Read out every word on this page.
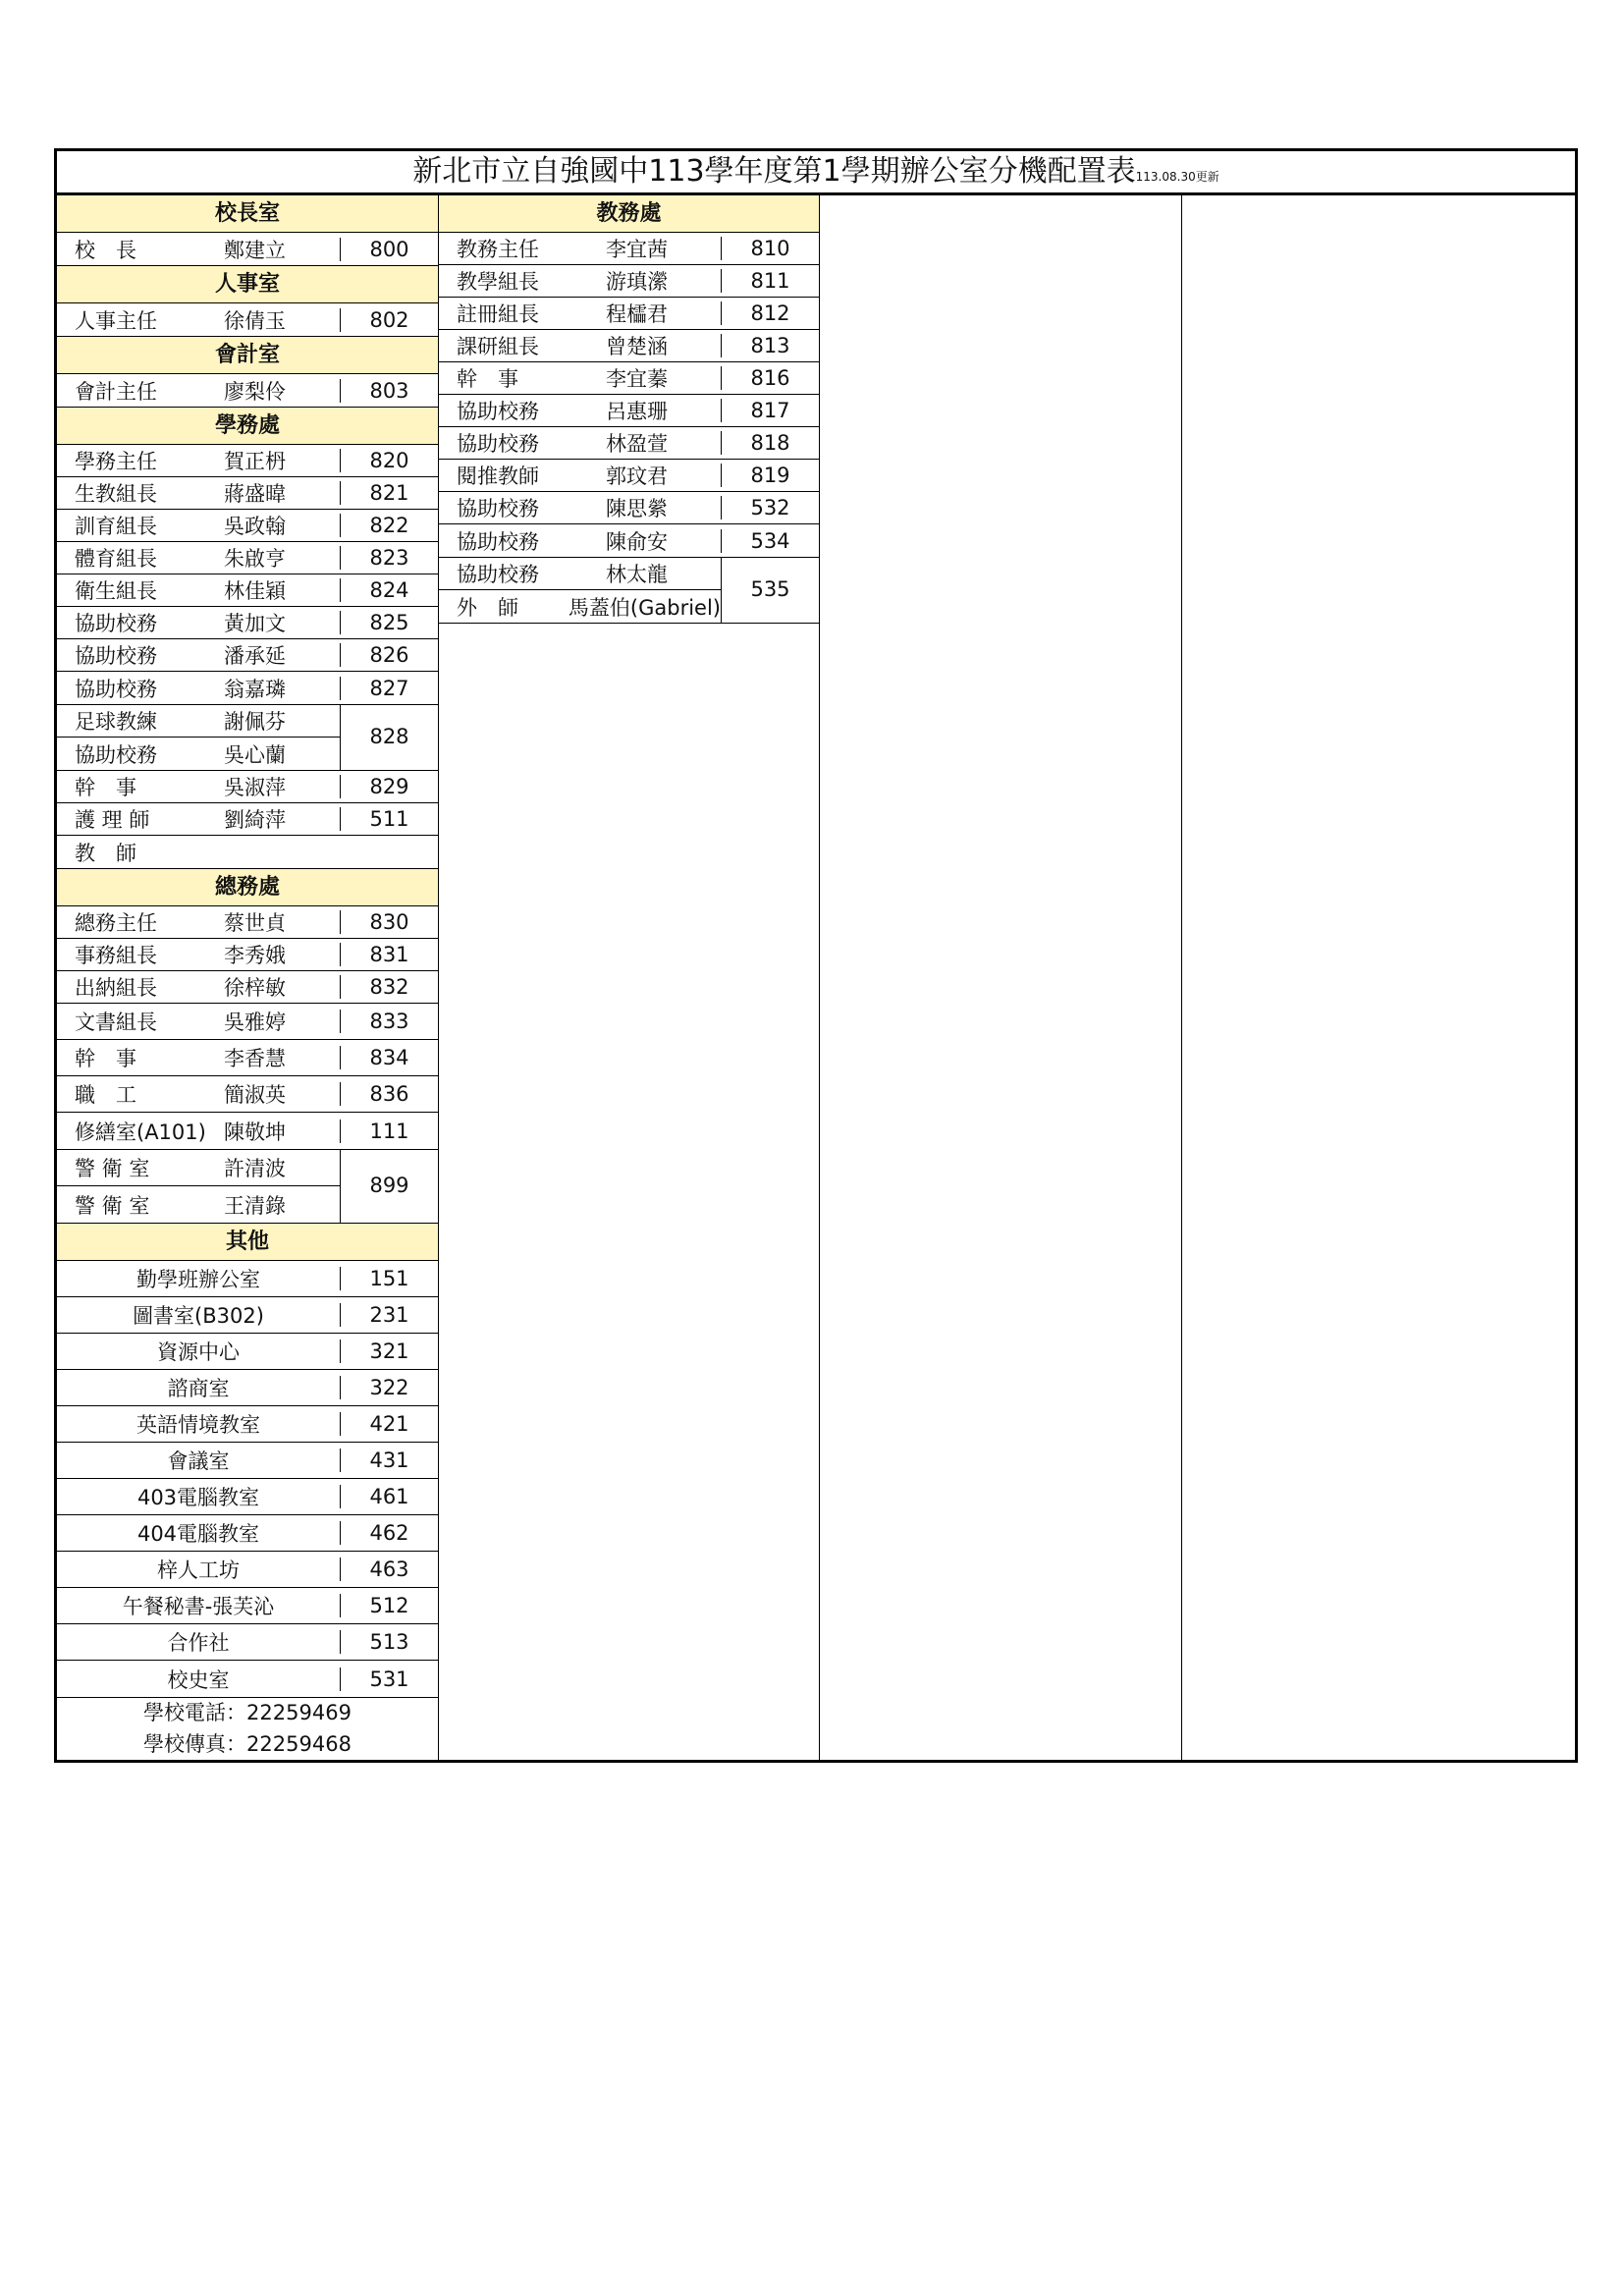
新北市立自強國中113學年度第1學期辦公室分機配置表113.08.30更新
校長室
校　長	鄭建立	800
人事室
人事主任	徐倩玉	802
會計室
會計主任	廖梨伶	803
學務處
學務主任	賀正枬	820
生教組長	蔣盛暐	821
訓育組長	吳政翰	822
體育組長	朱啟亨	823
衛生組長	林佳穎	824
協助校務	黃加文	825
協助校務	潘承延	826
協助校務	翁嘉璘	827
足球教練	謝佩芬
協助校務	吳心蘭
828
幹　事	吳淑萍	829
護 理 師	劉綺萍	511
教　師
總務處
總務主任	蔡世貞	830
事務組長	李秀娥	831
出納組長	徐梓敏	832
文書組長	吳雅婷	833
幹　事	李香慧	834
職　工	簡淑英	836
修繕室(A101) 陳敬坤	111
警 衛 室	許清波
警 衛 室	王清錄
899
其他
勤學班辦公室	151
圖書室(B302)	231
資源中心	321
諮商室	322
英語情境教室	421
會議室	431
403電腦教室	461
404電腦教室	462
梓人工坊	463
午餐秘書-張芙沁	512
合作社	513
校史室	531
學校電話：22259469
學校傳真：22259468
教務處
教務主任	李宜茜	810
教學組長	游瑱瀠	811
註冊組長	程櫺君	812
課研組長	曾楚涵	813
幹　事	李宜蓁	816
協助校務	呂惠珊	817
協助校務	林盈萱	818
閱推教師	郭玟君	819
協助校務	陳思縈	532
協助校務	陳俞安	534
協助校務	林太龍
外　師	馬蓋伯(Gabriel)
535
